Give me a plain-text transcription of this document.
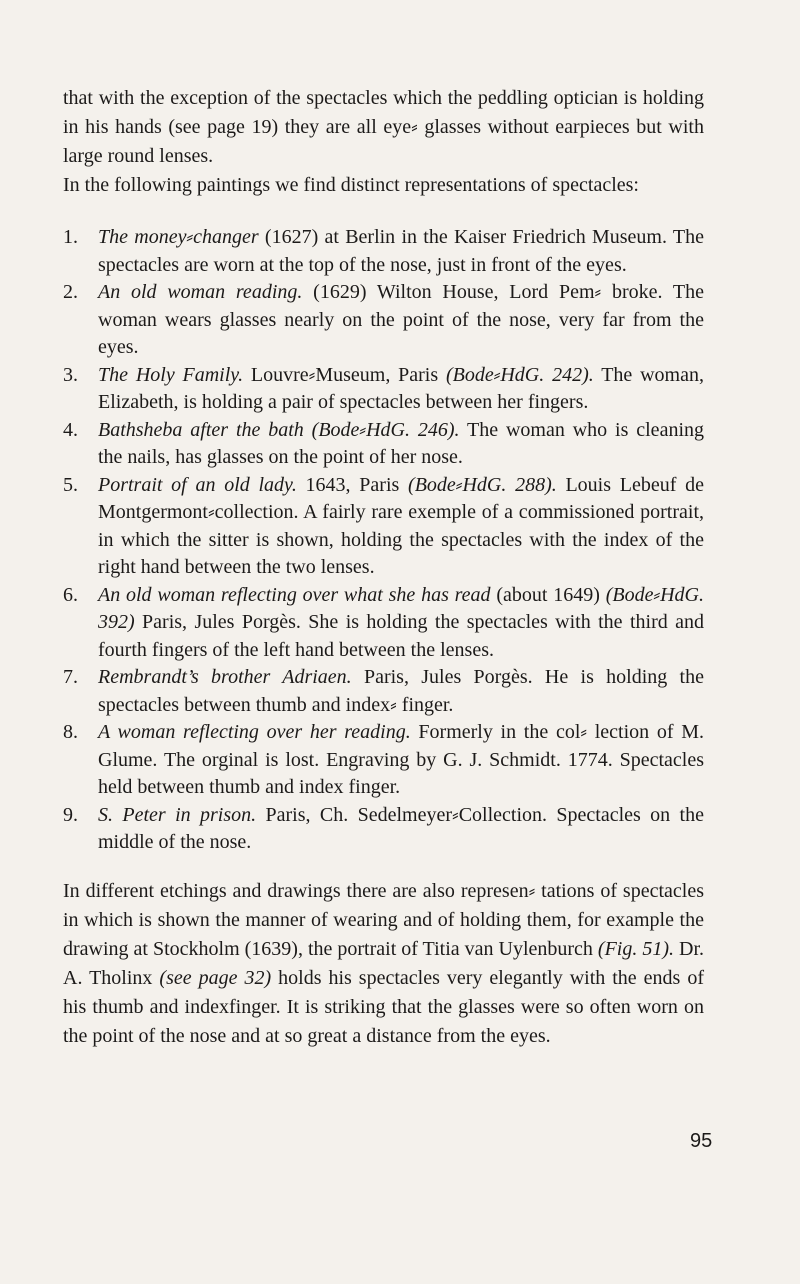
that with the exception of the spectacles which the peddling optician is holding in his hands (see page 19) they are all eye⸗ glasses without earpieces but with large round lenses.

In the following paintings we find distinct representations of spectacles:

1. The money⸗changer (1627) at Berlin in the Kaiser Friedrich Museum. The spectacles are worn at the top of the nose, just in front of the eyes.
2. An old woman reading. (1629) Wilton House, Lord Pem⸗ broke. The woman wears glasses nearly on the point of the nose, very far from the eyes.
3. The Holy Family. Louvre⸗Museum, Paris (Bode⸗HdG. 242). The woman, Elizabeth, is holding a pair of spectacles between her fingers.
4. Bathsheba after the bath (Bode⸗HdG. 246). The woman who is cleaning the nails, has glasses on the point of her nose.
5. Portrait of an old lady. 1643, Paris (Bode⸗HdG. 288). Louis Lebeuf de Montgermont⸗collection. A fairly rare exemple of a commissioned portrait, in which the sitter is shown, holding the spectacles with the index of the right hand between the two lenses.
6. An old woman reflecting over what she has read (about 1649) (Bode⸗HdG. 392) Paris, Jules Porgès. She is holding the spectacles with the third and fourth fingers of the left hand between the lenses.
7. Rembrandt’s brother Adriaen. Paris, Jules Porgès. He is holding the spectacles between thumb and index⸗ finger.
8. A woman reflecting over her reading. Formerly in the col⸗ lection of M. Glume. The orginal is lost. Engraving by G. J. Schmidt. 1774. Spectacles held between thumb and index finger.
9. S. Peter in prison. Paris, Ch. Sedelmeyer⸗Collection. Spectacles on the middle of the nose.

In different etchings and drawings there are also represen⸗ tations of spectacles in which is shown the manner of wearing and of holding them, for example the drawing at Stockholm (1639), the portrait of Titia van Uylenburch (Fig. 51). Dr. A. Tholinx (see page 32) holds his spectacles very elegantly with the ends of his thumb and indexfinger. It is striking that the glasses were so often worn on the point of the nose and at so great a distance from the eyes.

95
